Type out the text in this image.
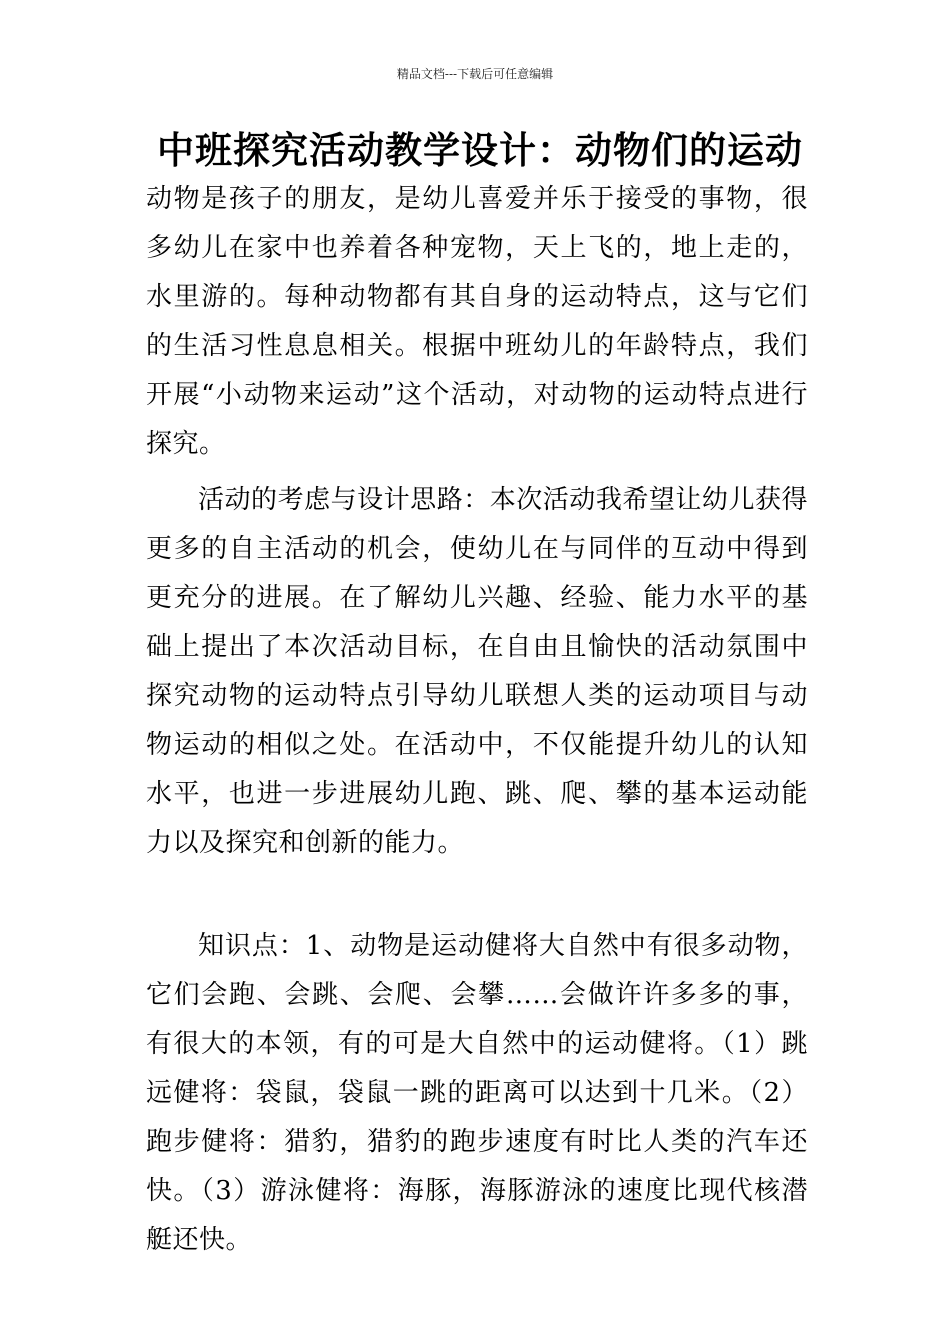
精品文档---下载后可任意编辑
中班探究活动教学设计：动物们的运动

动物是孩子的朋友，是幼儿喜爱并乐于接受的事物，很多幼儿在家中也养着各种宠物，天上飞的，地上走的，水里游的。每种动物都有其自身的运动特点，这与它们的生活习性息息相关。根据中班幼儿的年龄特点，我们开展“小动物来运动”这个活动，对动物的运动特点进行探究。

活动的考虑与设计思路：本次活动我希望让幼儿获得更多的自主活动的机会，使幼儿在与同伴的互动中得到更充分的进展。在了解幼儿兴趣、经验、能力水平的基础上提出了本次活动目标，在自由且愉快的活动氛围中探究动物的运动特点引导幼儿联想人类的运动项目与动物运动的相似之处。在活动中，不仅能提升幼儿的认知水平，也进一步进展幼儿跑、跳、爬、攀的基本运动能力以及探究和创新的能力。

知识点：1、动物是运动健将大自然中有很多动物，它们会跑、会跳、会爬、会攀……会做许许多多的事，有很大的本领，有的可是大自然中的运动健将。（1）跳远健将：袋鼠，袋鼠一跳的距离可以达到十几米。（2）跑步健将：猎豹，猎豹的跑步速度有时比人类的汽车还快。（3）游泳健将：海豚，海豚游泳的速度比现代核潜艇还快。
